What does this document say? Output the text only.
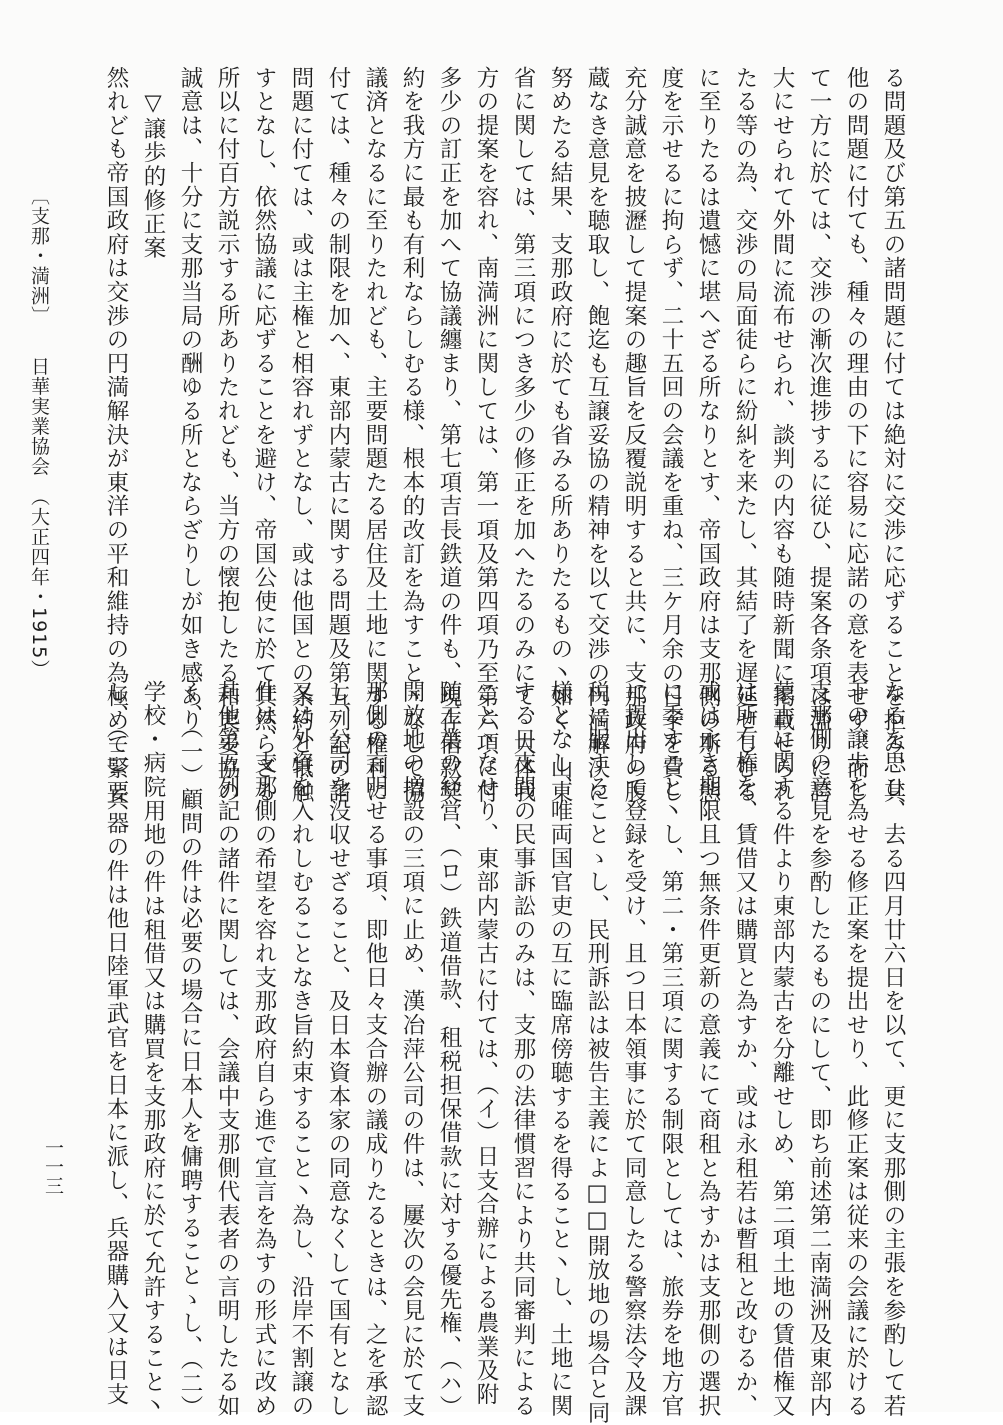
る問題及び第五の諸問題に付ては絶対に交渉に応ずることを拒み、其
他の問題に付ても、種々の理由の下に容易に応諾の意を表せず、而し
て一方に於ては、交渉の漸次進捗するに従ひ、提案各条項は濫りに誇
大にせられて外間に流布せられ、談判の内容も随時新聞に掲載せられ
たる等の為、交渉の局面徒らに紛糾を来たし、其結了を遅延せしむる
に至りたるは遺憾に堪へざる所なりとす、帝国政府は支那側の斯る態
度を示せるに拘らず、二十五回の会議を重ね、三ケ月余の日子を費し
充分誠意を披瀝して提案の趣旨を反覆説明すると共に、支那政府の腹
蔵なき意見を聴取し、飽迄も互譲妥協の精神を以て交渉の円満解決に
努めたる結果、支那政府に於ても省みる所ありたるもの丶如く、山東
省に関しては、第三項につき多少の修正を加へたるのみにて、大体我
方の提案を容れ、南満洲に関しては、第一項及第四項乃至第六項に付
多少の訂正を加へて協議纏まり、第七項吉長鉄道の件も、現存借款契
約を我方に最も有利ならしむる様、根本的改訂を為すこと丶なして協
議済となるに至りたれども、主要問題たる居住及土地に関する権利に
付ては、種々の制限を加へ、東部内蒙古に関する問題及第五列記の諸
問題に付ては、或は主権と相容れずとなし、或は他国との条約と牴触
すとなし、依然協議に応ずることを避け、帝国公使に於て其然らざる
所以に付百方説示する所ありたれども、当方の懐抱したる和衷妥協の
誠意は、十分に支那当局の酬ゆる所とならざりしが如き感あり
　▽譲歩的修正案
然れども帝国政府は交渉の円満解決が東洋の平和維持の為極めて緊要
なるを思ひ、去る四月廿六日を以て、更に支那側の主張を参酌して若
干の譲歩を為せる修正案を提出せり、此修正案は従来の会議に於ける
支那側の意見を参酌したるものにして、即ち前述第二南満洲及東部内
蒙古に関する件より東部内蒙古を分離せしめ、第二項土地の賃借権又
は所有権を、賃借又は購買と為すか、或は永租若は暫租と改むるか、
或は永き期限且つ無条件更新の意義にて商租と為すかは支那側の選択
に委すこと丶し、第二・第三項に関する制限としては、旅券を地方官
に提出して登録を受け、且つ日本領事に於て同意したる警察法令及課
税に服することゝし、民刑訴訟は被告主義によ□□開放地の場合と同
様となし、唯両国官吏の互に臨席傍聴するを得ること丶し、土地に関
する日支間の民事訴訟のみは、支那の法律慣習により共同審判による
こと丶なせり、東部内蒙古に付ては、（イ）日支合辦による農業及附
随工業の経営、（ロ）鉄道借款、租税担保借款に対する優先権、（ハ）
開放地の増設の三項に止め、漢冶萍公司の件は、屢次の会見に於て支
那側の言明せる事項、即他日々支合辦の議成りたるときは、之を承認
し、公司を没収せざること、及日本資本家の同意なくして国有となし
又は外資を入れしむることなき旨約束すること丶為し、沿岸不割譲の
件は、支那側の希望を容れ支那政府自ら進で宣言を為すの形式に改め
其他第五列記の諸件に関しては、会議中支那側代表者の言明したる如
く、（一）顧問の件は必要の場合に日本人を傭聘することゝし、（二）
学校・病院用地の件は租借又は購買を支那政府に於て允許すること丶
し、（三）兵器の件は他日陸軍武官を日本に派し、兵器購入又は日支
〔支那・満洲〕　　日華実業協会　（大正四年・1915）
一一三
